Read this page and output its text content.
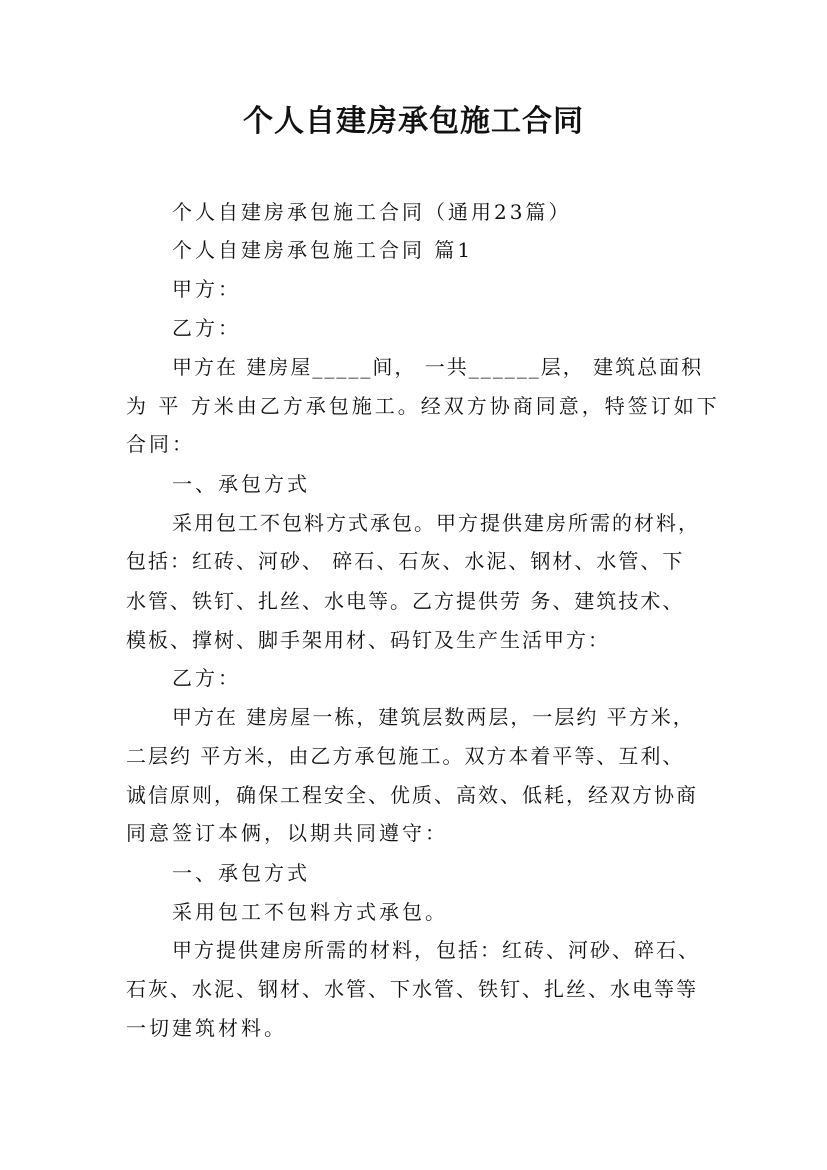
个人自建房承包施工合同
个人自建房承包施工合同（通用23篇）
个人自建房承包施工合同 篇1
甲方：
乙方：
甲方在 建房屋_____间， 一共______层， 建筑总面积
为 平 方米由乙方承包施工。经双方协商同意，特签订如下
合同：
一、承包方式
采用包工不包料方式承包。甲方提供建房所需的材料，
包括：红砖、河砂、 碎石、石灰、水泥、钢材、水管、下
水管、铁钉、扎丝、水电等。乙方提供劳 务、建筑技术、
模板、撑树、脚手架用材、码钉及生产生活甲方：
乙方：
甲方在 建房屋一栋，建筑层数两层，一层约 平方米，
二层约 平方米，由乙方承包施工。双方本着平等、互利、
诚信原则，确保工程安全、优质、高效、低耗，经双方协商
同意签订本俩，以期共同遵守：
一、承包方式
采用包工不包料方式承包。
甲方提供建房所需的材料，包括：红砖、河砂、碎石、
石灰、水泥、钢材、水管、下水管、铁钉、扎丝、水电等等
一切建筑材料。
